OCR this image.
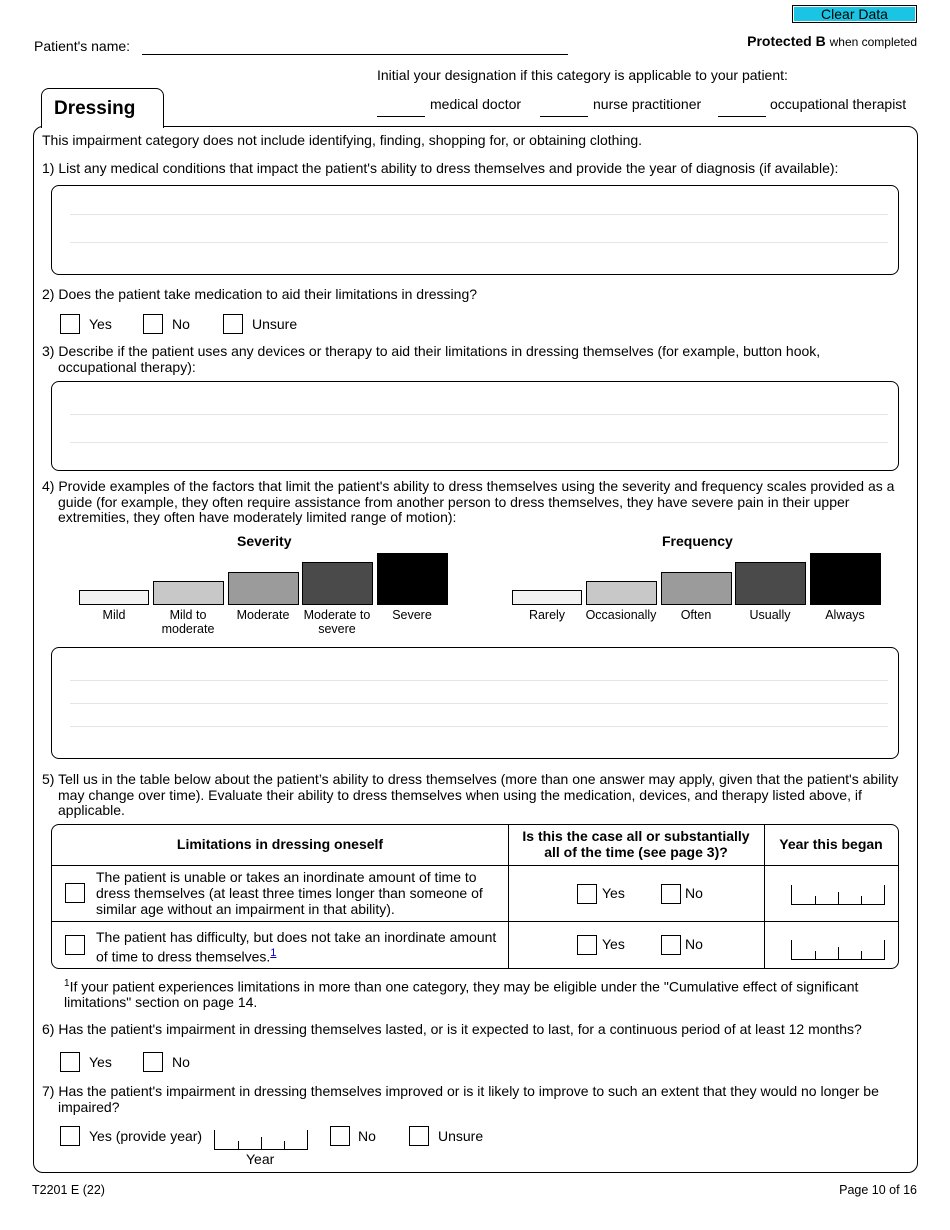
Clear Data
Patient's name:	Protected B when completed
Initial your designation if this category is applicable to your patient:
medical doctor	nurse practitioner	occupational therapist
Dressing
This impairment category does not include identifying, finding, shopping for, or obtaining clothing.
1) List any medical conditions that impact the patient's ability to dress themselves and provide the year of diagnosis (if available):
2) Does the patient take medication to aid their limitations in dressing?
Yes	No	Unsure
3) Describe if the patient uses any devices or therapy to aid their limitations in dressing themselves (for example, button hook, occupational therapy):
4) Provide examples of the factors that limit the patient's ability to dress themselves using the severity and frequency scales provided as a guide (for example, they often require assistance from another person to dress themselves, they have severe pain in their upper extremities, they often have moderately limited range of motion):
Severity
Mild	Mild to moderate
Moderate	Moderate to severe
Severe
Frequency
Rarely	Occasionally	Often	Usually	Always
5) Tell us in the table below about the patient’s ability to dress themselves (more than one answer may apply, given that the patient's ability may change over time). Evaluate their ability to dress themselves when using the medication, devices, and therapy listed above, if applicable.
Limitations in dressing oneself	Is this the case all or substantially all of the time (see page 3)?	Year this began
The patient is unable or takes an inordinate amount of time to dress themselves (at least three times longer than someone of similar age without an impairment in that ability).
Yes	No
The patient has difficulty, but does not take an inordinate amount of time to dress themselves.$^1$
Yes	No
$^1$If your patient experiences limitations in more than one category, they may be eligible under the "Cumulative effect of significant limitations" section on page 14.
6) Has the patient's impairment in dressing themselves lasted, or is it expected to last, for a continuous period of at least 12 months?
Yes	No
7) Has the patient's impairment in dressing themselves improved or is it likely to improve to such an extent that they would no longer be impaired?
Yes (provide year)
Year
No	Unsure
T2201 E (22)	Page 10 of 16
